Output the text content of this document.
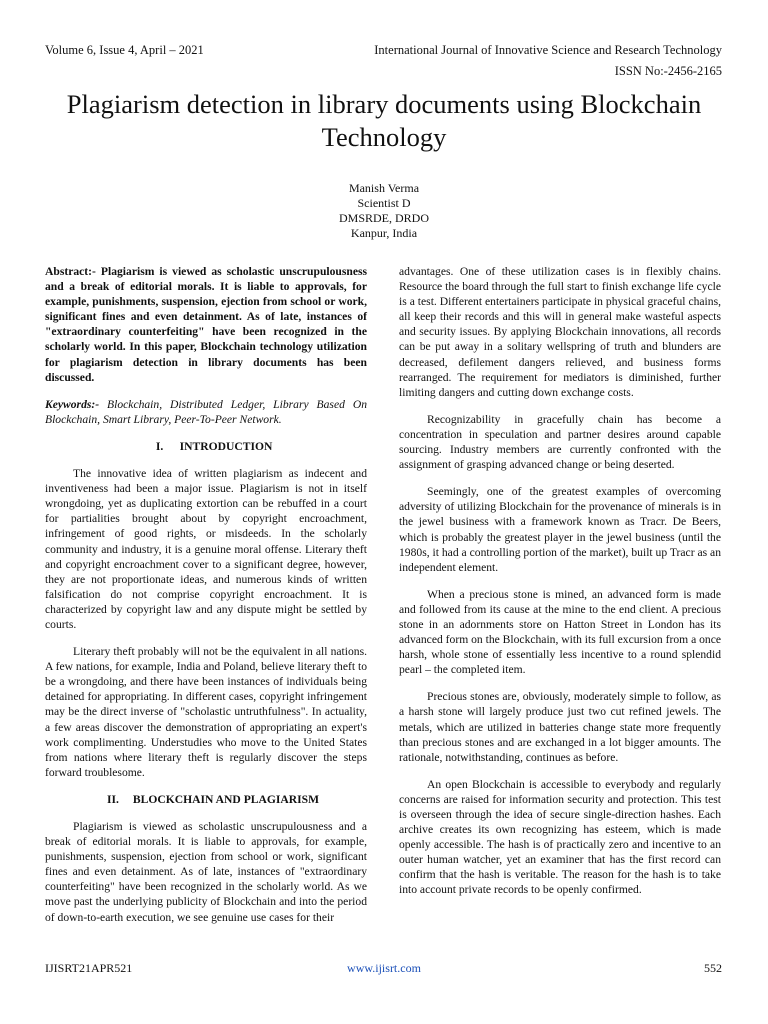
Volume 6, Issue 4, April – 2021	International Journal of Innovative Science and Research Technology
ISSN No:-2456-2165
Plagiarism detection in library documents using Blockchain Technology
Manish Verma
Scientist D
DMSRDE, DRDO
Kanpur, India

Abstract:- Plagiarism is viewed as scholastic unscrupulousness and a break of editorial morals. It is liable to approvals, for example, punishments, suspension, ejection from school or work, significant fines and even detainment. As of late, instances of "extraordinary counterfeiting" have been recognized in the scholarly world. In this paper, Blockchain technology utilization for plagiarism detection in library documents has been discussed.

Keywords:- Blockchain, Distributed Ledger, Library Based On Blockchain, Smart Library, Peer-To-Peer Network.

I. INTRODUCTION

The innovative idea of written plagiarism as indecent and inventiveness had been a major issue. Plagiarism is not in itself wrongdoing, yet as duplicating extortion can be rebuffed in a court for partialities brought about by copyright encroachment, infringement of good rights, or misdeeds. In the scholarly community and industry, it is a genuine moral offense. Literary theft and copyright encroachment cover to a significant degree, however, they are not proportionate ideas, and numerous kinds of written falsification do not comprise copyright encroachment. It is characterized by copyright law and any dispute might be settled by courts.

Literary theft probably will not be the equivalent in all nations. A few nations, for example, India and Poland, believe literary theft to be a wrongdoing, and there have been instances of individuals being detained for appropriating. In different cases, copyright infringement may be the direct inverse of "scholastic untruthfulness". In actuality, a few areas discover the demonstration of appropriating an expert's work complimenting. Understudies who move to the United States from nations where literary theft is regularly discover the steps forward troublesome.

II. BLOCKCHAIN AND PLAGIARISM

Plagiarism is viewed as scholastic unscrupulousness and a break of editorial morals. It is liable to approvals, for example, punishments, suspension, ejection from school or work, significant fines and even detainment. As of late, instances of "extraordinary counterfeiting" have been recognized in the scholarly world. As we move past the underlying publicity of Blockchain and into the period of down-to-earth execution, we see genuine use cases for their

advantages. One of these utilization cases is in flexibly chains. Resource the board through the full start to finish exchange life cycle is a test. Different entertainers participate in physical graceful chains, all keep their records and this will in general make wasteful aspects and security issues. By applying Blockchain innovations, all records can be put away in a solitary wellspring of truth and blunders are decreased, defilement dangers relieved, and business forms rearranged. The requirement for mediators is diminished, further limiting dangers and cutting down exchange costs.

Recognizability in gracefully chain has become a concentration in speculation and partner desires around capable sourcing. Industry members are currently confronted with the assignment of grasping advanced change or being deserted.

Seemingly, one of the greatest examples of overcoming adversity of utilizing Blockchain for the provenance of minerals is in the jewel business with a framework known as Tracr. De Beers, which is probably the greatest player in the jewel business (until the 1980s, it had a controlling portion of the market), built up Tracr as an independent element.

When a precious stone is mined, an advanced form is made and followed from its cause at the mine to the end client. A precious stone in an adornments store on Hatton Street in London has its advanced form on the Blockchain, with its full excursion from a once harsh, whole stone of essentially less incentive to a round splendid pearl – the completed item.

Precious stones are, obviously, moderately simple to follow, as a harsh stone will largely produce just two cut refined jewels. The metals, which are utilized in batteries change state more frequently than precious stones and are exchanged in a lot bigger amounts. The rationale, notwithstanding, continues as before.

An open Blockchain is accessible to everybody and regularly concerns are raised for information security and protection. This test is overseen through the idea of secure single-direction hashes. Each archive creates its own recognizing has esteem, which is made openly accessible. The hash is of practically zero and incentive to an outer human watcher, yet an examiner that has the first record can confirm that the hash is veritable. The reason for the hash is to take into account private records to be openly confirmed.

IJISRT21APR521	www.ijisrt.com	552
